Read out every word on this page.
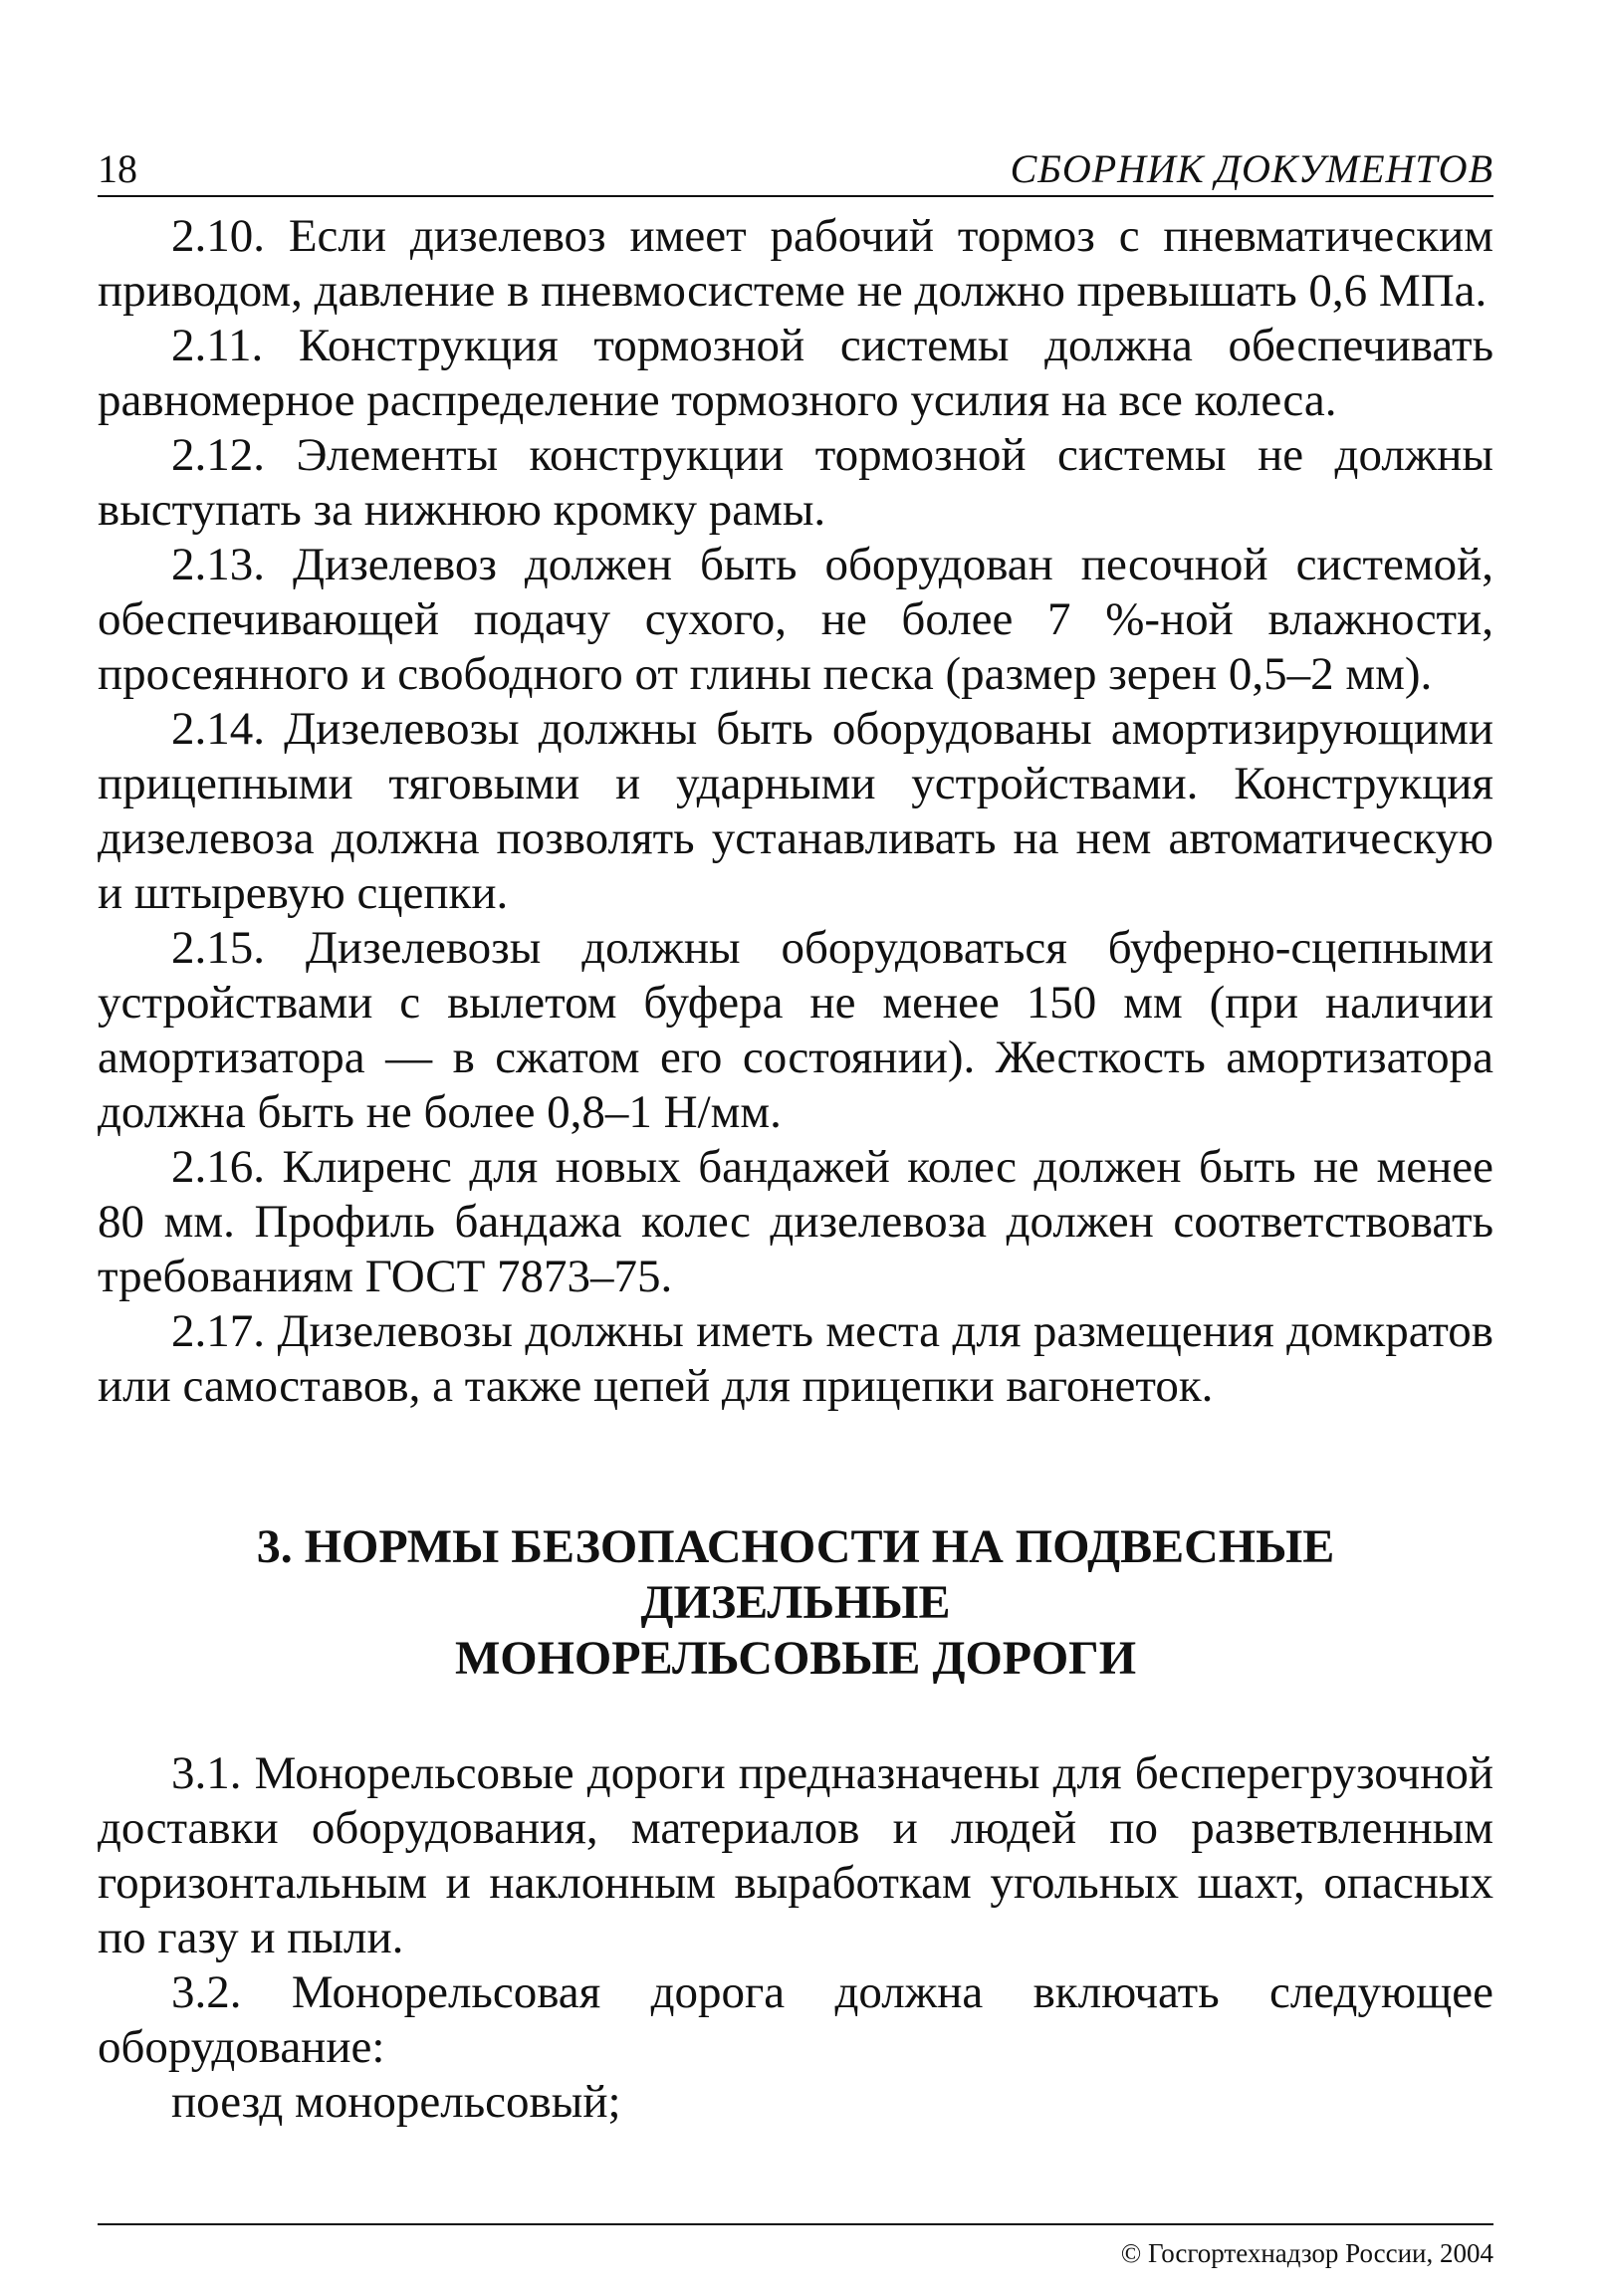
18	СБОРНИК ДОКУМЕНТОВ

2.10. Если дизелевоз имеет рабочий тормоз с пневматическим приводом, давление в пневмосистеме не должно превышать 0,6 МПа.

2.11. Конструкция тормозной системы должна обеспечивать равномерное распределение тормозного усилия на все колеса.

2.12. Элементы конструкции тормозной системы не должны выступать за нижнюю кромку рамы.

2.13. Дизелевоз должен быть оборудован песочной системой, обеспечивающей подачу сухого, не более 7 %-ной влажности, просеянного и свободного от глины песка (размер зерен 0,5–2 мм).

2.14. Дизелевозы должны быть оборудованы амортизирующими прицепными тяговыми и ударными устройствами. Конструкция дизелевоза должна позволять устанавливать на нем автоматическую и штыревую сцепки.

2.15. Дизелевозы должны оборудоваться буферно-сцепными устройствами с вылетом буфера не менее 150 мм (при наличии амортизатора — в сжатом его состоянии). Жесткость амортизатора должна быть не более 0,8–1 Н/мм.

2.16. Клиренс для новых бандажей колес должен быть не менее 80 мм. Профиль бандажа колес дизелевоза должен соответствовать требованиям ГОСТ 7873–75.

2.17. Дизелевозы должны иметь места для размещения домкратов или самоставов, а также цепей для прицепки вагонеток.

3. НОРМЫ БЕЗОПАСНОСТИ НА ПОДВЕСНЫЕ ДИЗЕЛЬНЫЕ
МОНОРЕЛЬСОВЫЕ ДОРОГИ

3.1. Монорельсовые дороги предназначены для бесперегрузочной доставки оборудования, материалов и людей по разветвленным горизонтальным и наклонным выработкам угольных шахт, опасных по газу и пыли.

3.2. Монорельсовая дорога должна включать следующее оборудование:

поезд монорельсовый;

© Госгортехнадзор России, 2004
